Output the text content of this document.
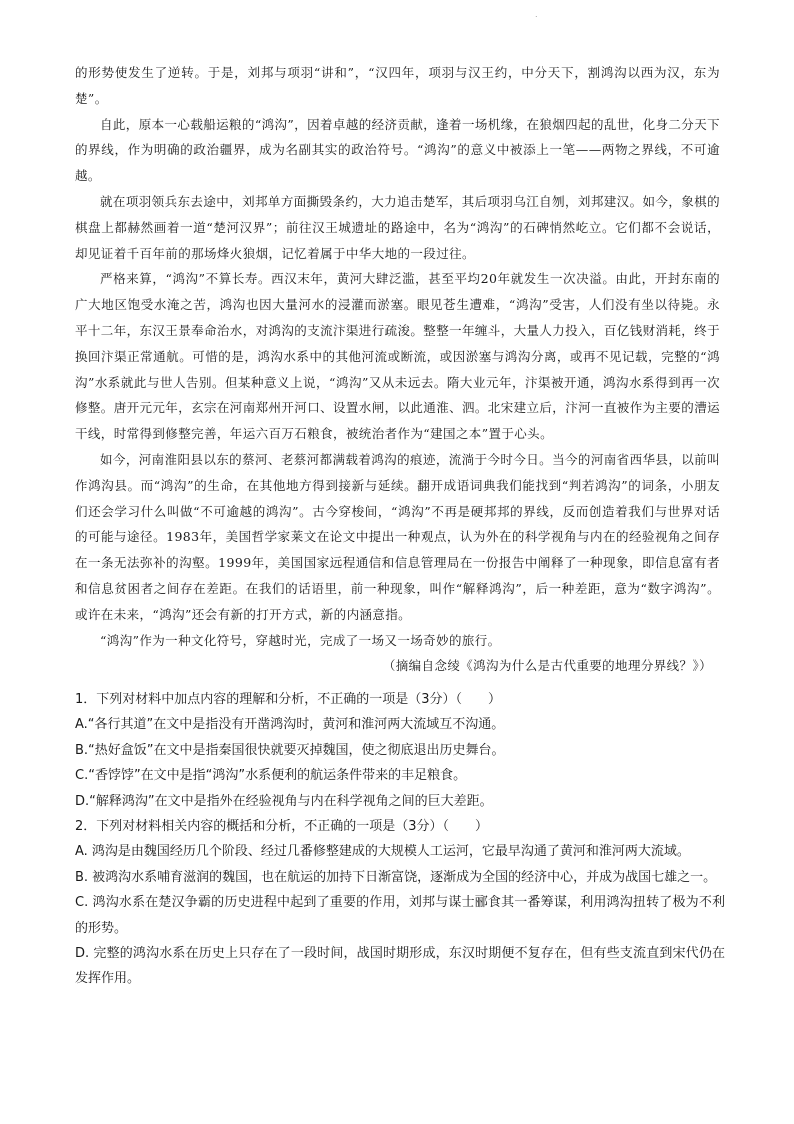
.

的形势使发生了逆转。于是，刘邦与项羽“讲和”，“汉四年，项羽与汉王约，中分天下，割鸿沟以西为汉，东为楚”。

自此，原本一心载船运粮的“鸿沟”，因着卓越的经济贡献，逢着一场机缘，在狼烟四起的乱世，化身二分天下的界线，作为明确的政治疆界，成为名副其实的政治符号。“鸿沟”的意义中被添上一笔——两物之界线，不可逾越。

就在项羽领兵东去途中，刘邦单方面撕毁条约，大力追击楚军，其后项羽乌江自刎，刘邦建汉。如今，象棋的棋盘上都赫然画着一道“楚河汉界”；前往汉王城遗址的路途中，名为“鸿沟”的石碑悄然屹立。它们都不会说话，却见证着千百年前的那场烽火狼烟，记忆着属于中华大地的一段过往。

严格来算，“鸿沟”不算长寿。西汉末年，黄河大肆泛滥，甚至平均20年就发生一次决溢。由此，开封东南的广大地区饱受水淹之苦，鸿沟也因大量河水的浸灌而淤塞。眼见苍生遭难，“鸿沟”受害，人们没有坐以待毙。永平十二年，东汉王景奉命治水，对鸿沟的支流汴渠进行疏浚。整整一年缠斗，大量人力投入，百亿钱财消耗，终于换回汴渠正常通航。可惜的是，鸿沟水系中的其他河流或断流，或因淤塞与鸿沟分离，或再不见记载，完整的“鸿沟”水系就此与世人告别。但某种意义上说，“鸿沟”又从未远去。隋大业元年，汴渠被开通，鸿沟水系得到再一次修整。唐开元元年，玄宗在河南郑州开河口、设置水闸，以此通淮、泗。北宋建立后，汴河一直被作为主要的漕运干线，时常得到修整完善，年运六百万石粮食，被统治者作为“建国之本”置于心头。

如今，河南淮阳县以东的蔡河、老蔡河都满载着鸿沟的痕迹，流淌于今时今日。当今的河南省西华县，以前叫作鸿沟县。而“鸿沟”的生命，在其他地方得到接新与延续。翻开成语词典我们能找到“判若鸿沟”的词条，小朋友们还会学习什么叫做“不可逾越的鸿沟”。古今穿梭间，“鸿沟”不再是硬邦邦的界线，反而创造着我们与世界对话的可能与途径。1983年，美国哲学家莱文在论文中提出一种观点，认为外在的科学视角与内在的经验视角之间存在一条无法弥补的沟壑。1999年，美国国家远程通信和信息管理局在一份报告中阐释了一种现象，即信息富有者和信息贫困者之间存在差距。在我们的话语里，前一种现象，叫作“解释鸿沟”，后一种差距，意为“数字鸿沟”。或许在未来，“鸿沟”还会有新的打开方式，新的内涵意指。

“鸿沟”作为一种文化符号，穿越时光，完成了一场又一场奇妙的旅行。

（摘编自念绫《鸿沟为什么是古代重要的地理分界线？》）

1．下列对材料中加点内容的理解和分析，不正确的一项是（3分）（　　）

A.“各行其道”在文中是指没有开凿鸿沟时，黄河和淮河两大流域互不沟通。
B.“热好盒饭”在文中是指秦国很快就要灭掉魏国，使之彻底退出历史舞台。
C.“香饽饽”在文中是指“鸿沟”水系便利的航运条件带来的丰足粮食。
D.“解释鸿沟”在文中是指外在经验视角与内在科学视角之间的巨大差距。

2．下列对材料相关内容的概括和分析，不正确的一项是（3分）（　　）

A. 鸿沟是由魏国经历几个阶段、经过几番修整建成的大规模人工运河，它最早沟通了黄河和淮河两大流域。
B. 被鸿沟水系哺育滋润的魏国，也在航运的加持下日渐富饶，逐渐成为全国的经济中心，并成为战国七雄之一。
C. 鸿沟水系在楚汉争霸的历史进程中起到了重要的作用，刘邦与谋士郦食其一番筹谋，利用鸿沟扭转了极为不利的形势。
D. 完整的鸿沟水系在历史上只存在了一段时间，战国时期形成，东汉时期便不复存在，但有些支流直到宋代仍在发挥作用。
